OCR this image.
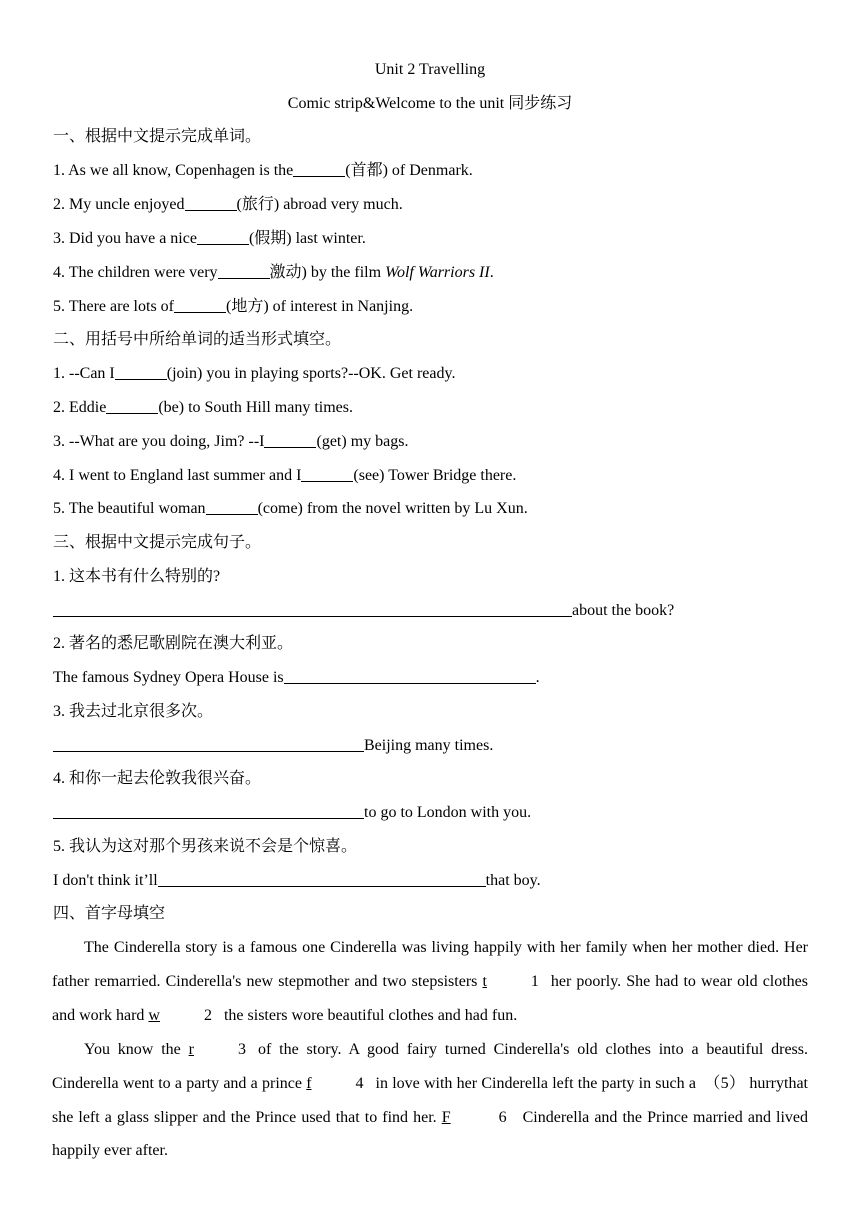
Unit 2 Travelling
Comic strip&Welcome to the unit 同步练习
一、根据中文提示完成单词。
1. As we all know, Copenhagen is the	(首都) of Denmark.
2. My uncle enjoyed	(旅行) abroad very much.
3. Did you have a nice	(假期) last winter.
4. The children were very	激动) by the film Wolf Warriors II.
5. There are lots of	(地方) of interest in Nanjing.
二、用括号中所给单词的适当形式填空。
1. --Can I	(join) you in playing sports?--OK. Get ready.
2. Eddie	(be) to South Hill many times.
3. --What are you doing, Jim? --I	(get) my bags.
4. I went to England last summer and I	(see) Tower Bridge there.
5. The beautiful woman	(come) from the novel written by Lu Xun.
三、根据中文提示完成句子。
1. 这本书有什么特别的?
about the book?
2. 著名的悉尼歌剧院在澳大利亚。
The famous Sydney Opera House is	.
3. 我去过北京很多次。
Beijing many times.
4. 和你一起去伦敦我很兴奋。
to go to London with you.
5. 我认为这对那个男孩来说不会是个惊喜。
I don't think it’ll	that boy.
四、首字母填空
The Cinderella story is a famous one Cinderella was living happily with her family when her mother died. Her father remarried. Cinderella's new stepmother and two stepsisters t	1 her poorly. She had to wear old clothes and work hard w	2 the sisters wore beautiful clothes and had fun.
You know the r	3 of the story. A good fairy turned Cinderella's old clothes into a beautiful dress. Cinderella went to a party and a prince f	4 in love with her Cinderella left the party in such a  （5） hurrythat she left a glass slipper and the Prince used that to find her. F	6 Cinderella and the Prince married and lived happily ever after.
